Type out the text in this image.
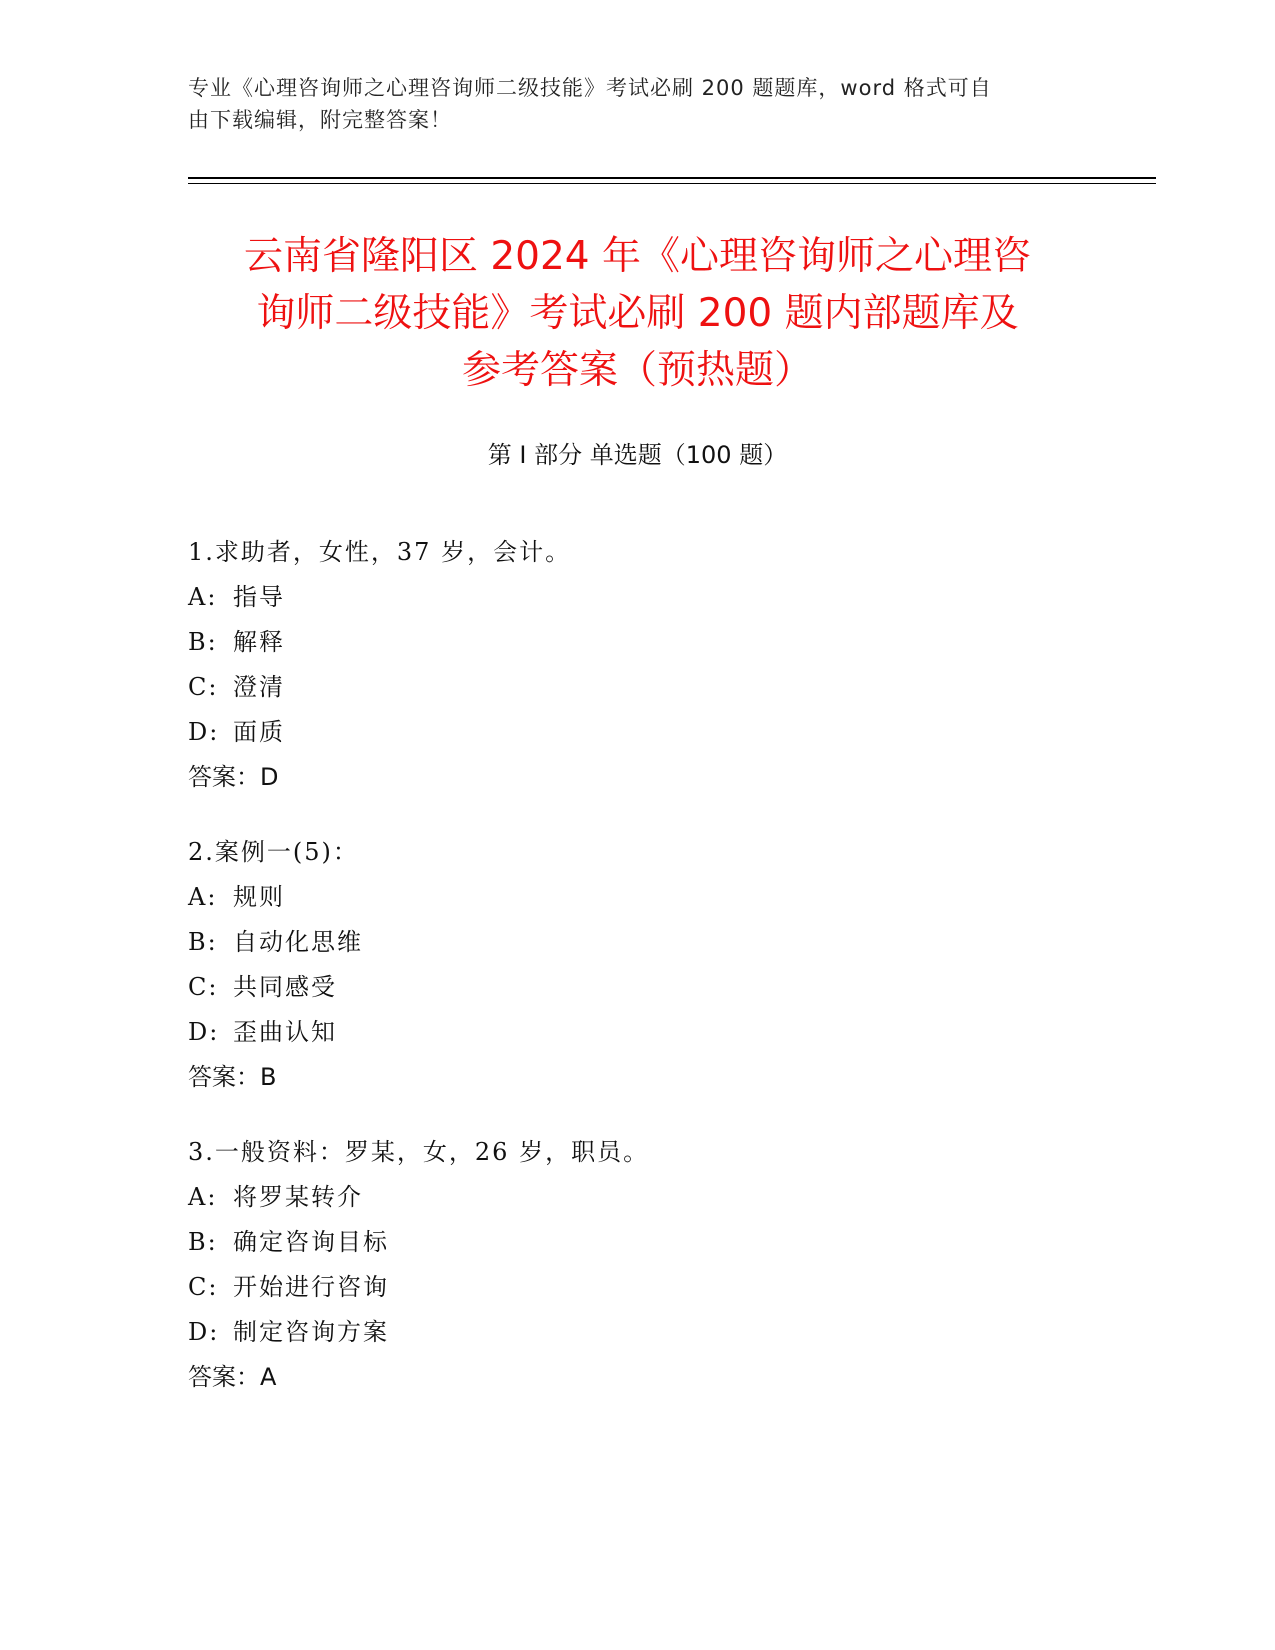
专业《心理咨询师之心理咨询师二级技能》考试必刷 200 题题库，word 格式可自
由下载编辑，附完整答案！
云南省隆阳区 2024 年《心理咨询师之心理咨
询师二级技能》考试必刷 200 题内部题库及
参考答案（预热题）
第 I 部分 单选题（100 题）
1.求助者，女性，37 岁，会计。
A: 指导
B: 解释
C: 澄清
D: 面质
答案：D
2.案例一(5)：
A: 规则
B: 自动化思维
C: 共同感受
D: 歪曲认知
答案：B
3.一般资料：罗某，女，26 岁，职员。
A: 将罗某转介
B: 确定咨询目标
C: 开始进行咨询
D: 制定咨询方案
答案：A
